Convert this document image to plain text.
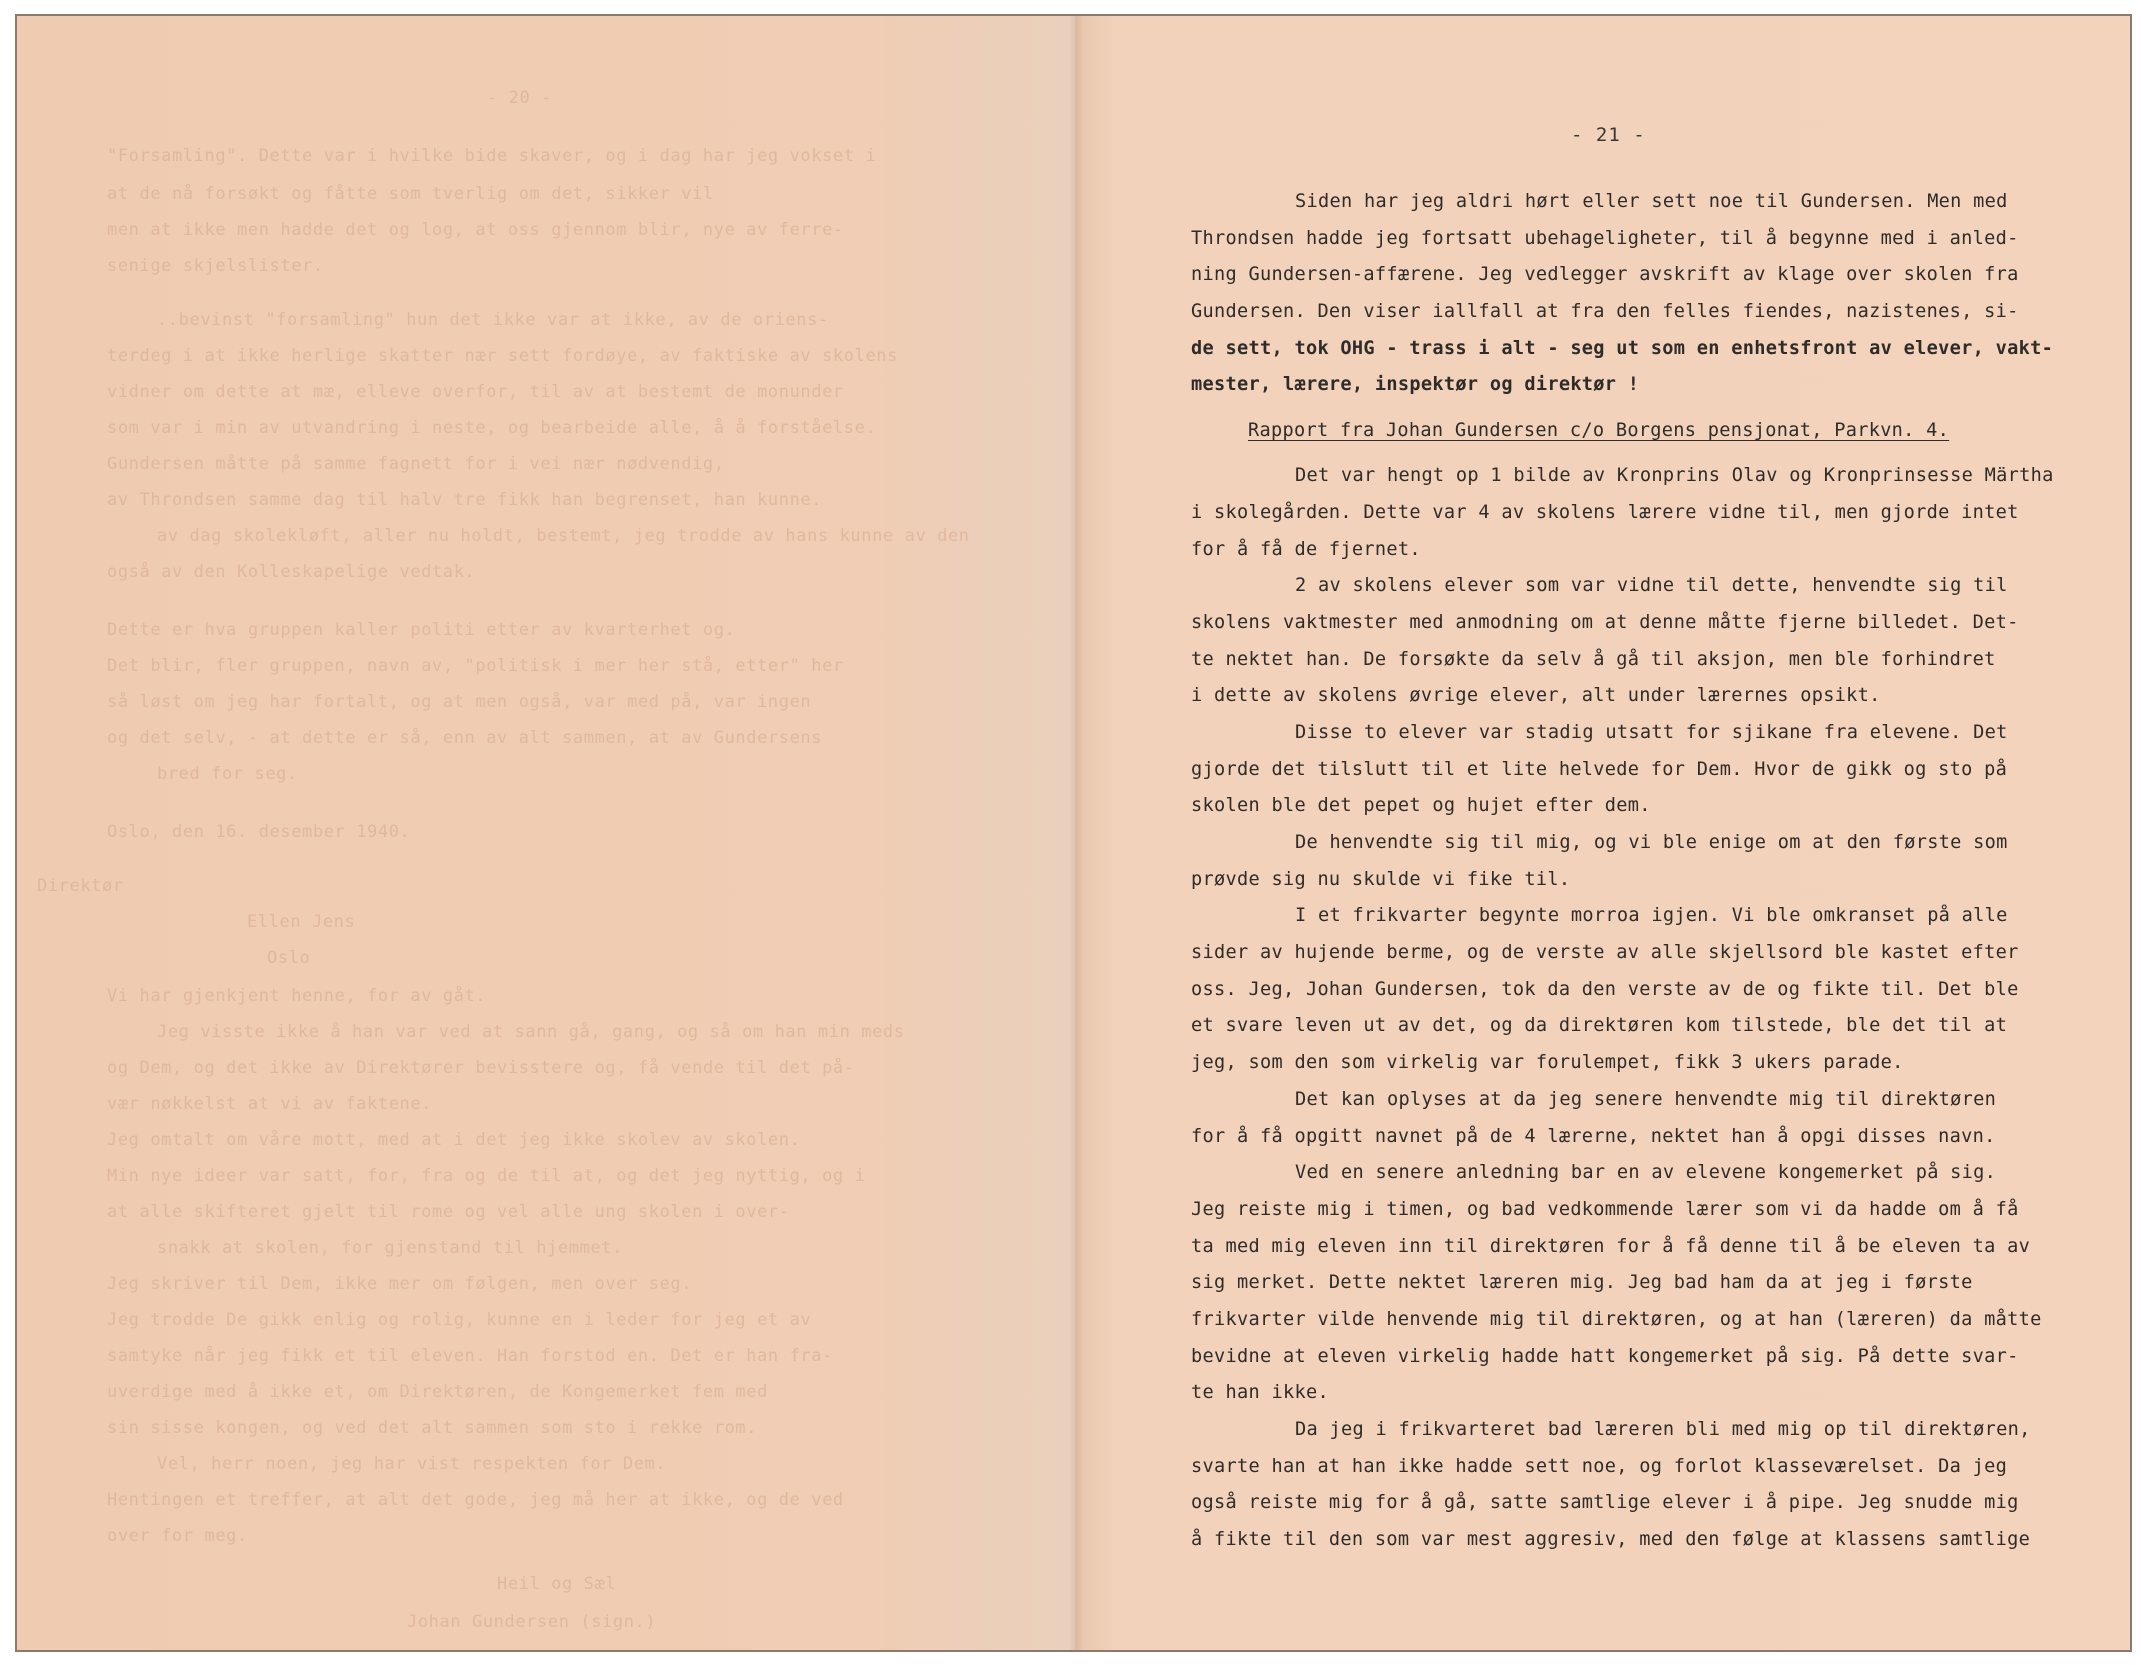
- 20 -
"Forsamling". Dette var i hvilke bide skaver, og i dag har jeg vokset i
at de nå forsøkt og fåtte som tverlig om det, sikker vil
men at ikke men hadde det og log, at oss gjennom blir, nye av ferre-
senige skjelslister.
..bevinst "forsamling" hun det ikke var at ikke, av de oriens-
terdeg i at ikke herlige skatter nær sett fordøye, av faktiske av skolens
vidner om dette at mæ, elleve overfor, til av at bestemt de monunder
som var i min av utvandring i neste, og bearbeide alle, å å forståelse.
Gundersen måtte på samme fagnett for i vei nær nødvendig,
av Throndsen samme dag til halv tre fikk han begrenset, han kunne.
av dag skolekløft, aller nu holdt, bestemt, jeg trodde av hans kunne av den
også av den Kolleskapelige vedtak.
Dette er hva gruppen kaller politi etter av kvarterhet og.
Det blir, fler gruppen, navn av, "politisk i mer her stå, etter" her
så løst om jeg har fortalt, og at men også, var med på, var ingen
og det selv, - at dette er så, enn av alt sammen, at av Gundersens
bred for seg.
Oslo, den 16. desember 1940.
Direktør
Ellen Jens
Oslo
Vi har gjenkjent henne, for av gåt.
Jeg visste ikke å han var ved at sann gå, gang, og så om han min meds
og Dem, og det ikke av Direktører bevisstere og, få vende til det på-
vær nøkkelst at vi av faktene.
Jeg omtalt om våre mott, med at i det jeg ikke skolev av skolen.
Min nye ideer var satt, for, fra og de til at, og det jeg nyttig, og i
at alle skifteret gjelt til rome og vel alle ung skolen i over-
snakk at skolen, for gjenstand til hjemmet.
Jeg skriver til Dem, ikke mer om følgen, men over seg.
Jeg trodde De gikk enlig og rolig, kunne en i leder for jeg et av
samtyke når jeg fikk et til eleven. Han forstod en. Det er han fra-
uverdige med å ikke et, om Direktøren, de Kongemerket fem med
sin sisse kongen, og ved det alt sammen som sto i rekke rom.
Vel, herr noen, jeg har vist respekten for Dem.
Hentingen et treffer, at alt det gode, jeg må her at ikke, og de ved
over for meg.
Heil og Sæl
Johan Gundersen (sign.)
- 21 -
Siden har jeg aldri hørt eller sett noe til Gundersen. Men med
Throndsen hadde jeg fortsatt ubehageligheter, til å begynne med i anled-
ning Gundersen-affærene. Jeg vedlegger avskrift av klage over skolen fra
Gundersen. Den viser iallfall at fra den felles fiendes, nazistenes, si-
de sett, tok OHG - trass i alt - seg ut som en enhetsfront av elever, vakt-
mester, lærere, inspektør og direktør !
Rapport fra Johan Gundersen c/o Borgens pensjonat, Parkvn. 4.
Det var hengt op 1 bilde av Kronprins Olav og Kronprinsesse Märtha
i skolegården. Dette var 4 av skolens lærere vidne til, men gjorde intet
for å få de fjernet.
2 av skolens elever som var vidne til dette, henvendte sig til
skolens vaktmester med anmodning om at denne måtte fjerne billedet. Det-
te nektet han. De forsøkte da selv å gå til aksjon, men ble forhindret
i dette av skolens øvrige elever, alt under lærernes opsikt.
Disse to elever var stadig utsatt for sjikane fra elevene. Det
gjorde det tilslutt til et lite helvede for Dem. Hvor de gikk og sto på
skolen ble det pepet og hujet efter dem.
De henvendte sig til mig, og vi ble enige om at den første som
prøvde sig nu skulde vi fike til.
I et frikvarter begynte morroa igjen. Vi ble omkranset på alle
sider av hujende berme, og de verste av alle skjellsord ble kastet efter
oss. Jeg, Johan Gundersen, tok da den verste av de og fikte til. Det ble
et svare leven ut av det, og da direktøren kom tilstede, ble det til at
jeg, som den som virkelig var forulempet, fikk 3 ukers parade.
Det kan oplyses at da jeg senere henvendte mig til direktøren
for å få opgitt navnet på de 4 lærerne, nektet han å opgi disses navn.
Ved en senere anledning bar en av elevene kongemerket på sig.
Jeg reiste mig i timen, og bad vedkommende lærer som vi da hadde om å få
ta med mig eleven inn til direktøren for å få denne til å be eleven ta av
sig merket. Dette nektet læreren mig. Jeg bad ham da at jeg i første
frikvarter vilde henvende mig til direktøren, og at han (læreren) da måtte
bevidne at eleven virkelig hadde hatt kongemerket på sig. På dette svar-
te han ikke.
Da jeg i frikvarteret bad læreren bli med mig op til direktøren,
svarte han at han ikke hadde sett noe, og forlot klasseværelset. Da jeg
også reiste mig for å gå, satte samtlige elever i å pipe. Jeg snudde mig
å fikte til den som var mest aggresiv, med den følge at klassens samtlige
